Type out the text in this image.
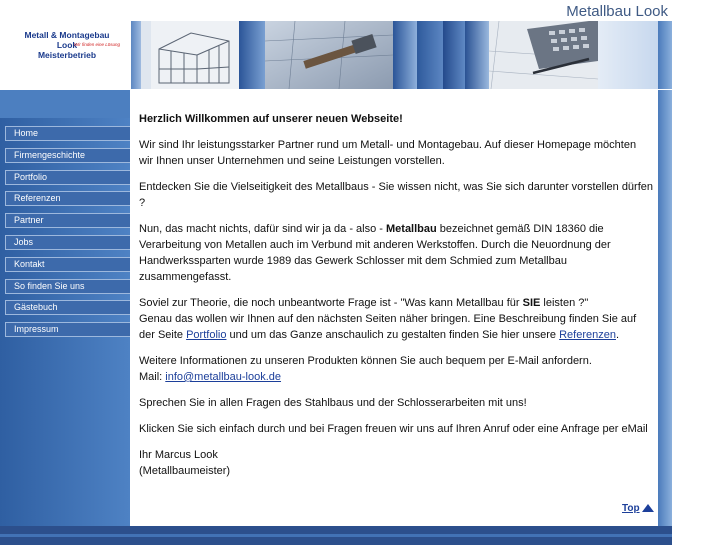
Metall & Montagebau
Look
Meisterbetrieb
Wir finden eine Lösung
Metallbau Look
Home
Firmengeschichte
Portfolio
Referenzen
Partner
Jobs
Kontakt
So finden Sie uns
Gästebuch
Impressum
Herzlich Willkommen auf unserer neuen Webseite!

Wir sind Ihr leistungsstarker Partner rund um Metall- und Montagebau. Auf dieser Homepage möchten wir Ihnen unser Unternehmen und seine Leistungen vorstellen.

Entdecken Sie die Vielseitigkeit des Metallbaus - Sie wissen nicht, was Sie sich darunter vorstellen dürfen ?

Nun, das macht nichts, dafür sind wir ja da - also - Metallbau bezeichnet gemäß DIN 18360 die Verarbeitung von Metallen auch im Verbund mit anderen Werkstoffen. Durch die Neuordnung der Handwerkssparten wurde 1989 das Gewerk Schlosser mit dem Schmied zum Metallbau zusammengefasst.

Soviel zur Theorie, die noch unbeantworte Frage ist - "Was kann Metallbau für SIE leisten ?"
Genau das wollen wir Ihnen auf den nächsten Seiten näher bringen. Eine Beschreibung finden Sie auf der Seite Portfolio und um das Ganze anschaulich zu gestalten finden Sie hier unsere Referenzen.

Weitere Informationen zu unseren Produkten können Sie auch bequem per E-Mail anfordern.
Mail: info@metallbau-look.de

Sprechen Sie in allen Fragen des Stahlbaus und der Schlosserarbeiten mit uns!

Klicken Sie sich einfach durch und bei Fragen freuen wir uns auf Ihren Anruf oder eine Anfrage per eMail

Ihr Marcus Look
(Metallbaumeister)

Top
